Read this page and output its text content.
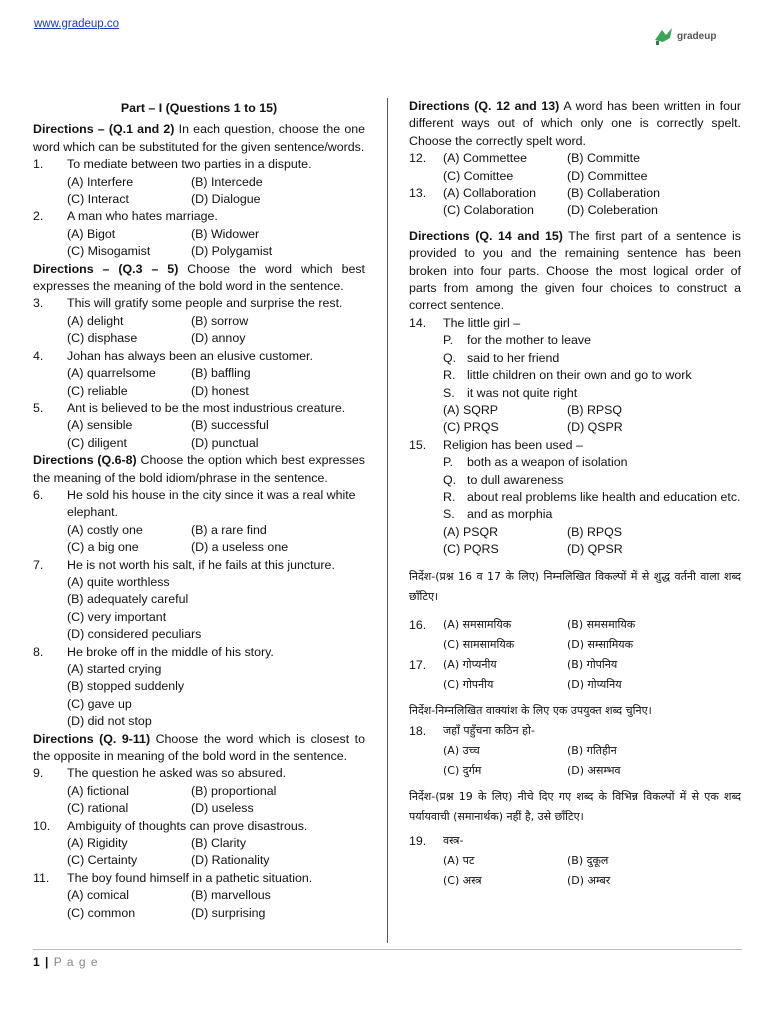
www.gradeup.co
gradeup
Part – I (Questions 1 to 15)
Directions – (Q.1 and 2) In each question, choose the one word which can be substituted for the given sentence/words.
1.	To mediate between two parties in a dispute.
(A) Interfere	(B) Intercede
(C) Interact	(D) Dialogue
2.	A man who hates marriage.
(A) Bigot	(B) Widower
(C) Misogamist	(D) Polygamist
Directions – (Q.3 – 5) Choose the word which best expresses the meaning of the bold word in the sentence.
3.	This will gratify some people and surprise the rest.
(A) delight	(B) sorrow
(C) disphase	(D) annoy
4.	Johan has always been an elusive customer.
(A) quarrelsome	(B) baffling
(C) reliable	(D) honest
5.	Ant is believed to be the most industrious creature.
(A) sensible	(B) successful
(C) diligent	(D) punctual
Directions (Q.6-8) Choose the option which best expresses the meaning of the bold idiom/phrase in the sentence.
6.	He sold his house in the city since it was a real white elephant.
(A) costly one	(B) a rare find
(C) a big one	(D) a useless one
7.	He is not worth his salt, if he fails at this juncture.
(A) quite worthless
(B) adequately careful
(C) very important
(D) considered peculiars
8.	He broke off in the middle of his story.
(A) started crying
(B) stopped suddenly
(C) gave up
(D) did not stop
Directions (Q. 9-11) Choose the word which is closest to the opposite in meaning of the bold word in the sentence.
9.	The question he asked was so absured.
(A) fictional	(B) proportional
(C) rational	(D) useless
10.	Ambiguity of thoughts can prove disastrous.
(A) Rigidity	(B) Clarity
(C) Certainty	(D) Rationality
11.	The boy found himself in a pathetic situation.
(A) comical	(B) marvellous
(C) common	(D) surprising
Directions (Q. 12 and 13) A word has been written in four different ways out of which only one is correctly spelt. Choose the correctly spelt word.
12.	(A) Commettee	(B) Committe
(C) Comittee	(D) Committee
13.	(A) Collaboration	(B) Collaberation
(C) Colaboration	(D) Coleberation
Directions (Q. 14 and 15) The first part of a sentence is provided to you and the remaining sentence has been broken into four parts. Choose the most logical order of parts from among the given four choices to construct a correct sentence.
14.	The little girl –
P.	for the mother to leave
Q. said to her friend
R. little children on their own and go to work
S. it was not quite right
(A) SQRP	(B) RPSQ
(C) PRQS	(D) QSPR
15.	Religion has been used –
P.	both as a weapon of isolation
Q. to dull awareness
R. about real problems like health and education etc.
S. and as morphia
(A) PSQR	(B) RPQS
(C) PQRS	(D) QPSR
निर्देश-(प्रश्न 16 व 17 के लिए) निम्नलिखित विकल्पों में से शुद्ध वर्तनी वाला शब्द छाँटिए।
16.	(A) समसामयिक	(B) समसमायिक
(C) सामसामयिक	(D) सम्सामियक
17.	(A) गोप्यनीय	(B) गोपनिय
(C) गोपनीय	(D) गोप्यनिय
निर्देश-निम्नलिखित वाक्यांश के लिए एक उपयुक्त शब्द चुनिए।
18.	जहाँ पहुँचना कठिन हो-
(A) उच्च	(B) गतिहीन
(C) दुर्गम	(D) असम्भव
निर्देश-(प्रश्न 19 के लिए) नीचे दिए गए शब्द के विभिन्न विकल्पों में से एक शब्द पर्यायवाची (समानार्थक) नहीं है, उसे छाँटिए।
19.	वस्त्र-
(A) पट	(B) दुकूल
(C) अस्त्र	(D) अम्बर
1 | P a g e
